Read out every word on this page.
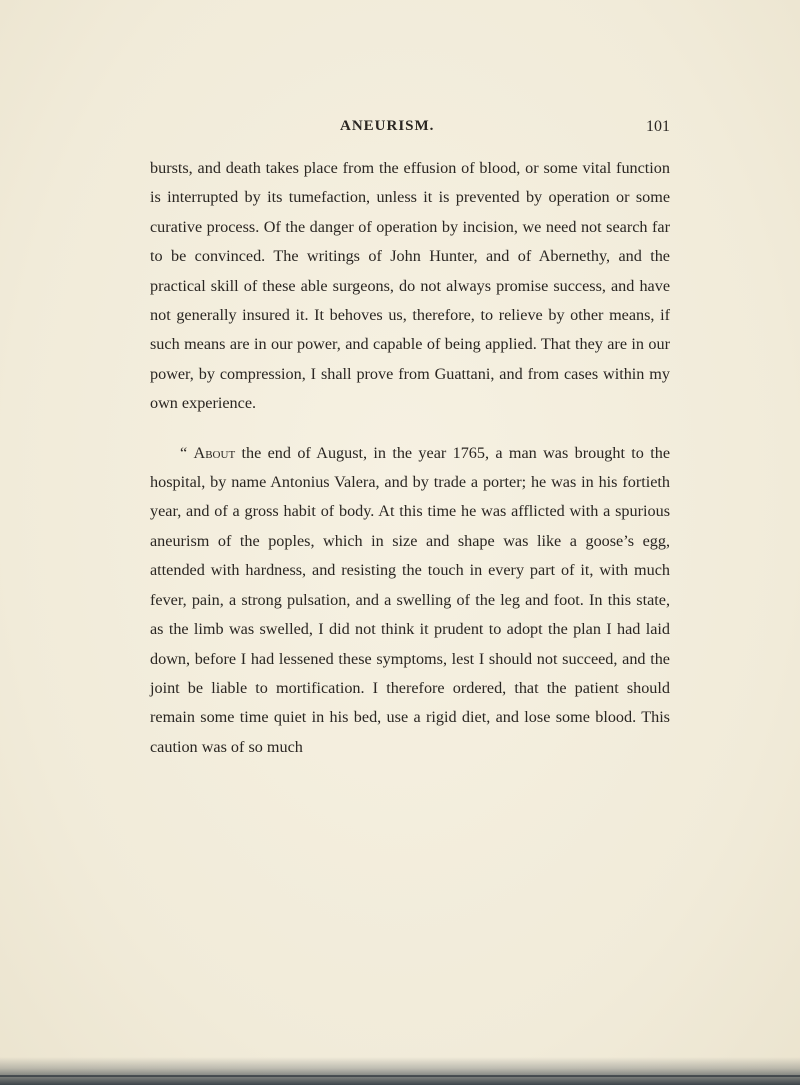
ANEURISM.	101

bursts, and death takes place from the effusion of blood, or some vital function is interrupted by its tumefaction, unless it is prevented by operation or some curative process. Of the danger of operation by incision, we need not search far to be convinced. The writings of John Hunter, and of Abernethy, and the practical skill of these able surgeons, do not always promise success, and have not generally insured it. It behoves us, therefore, to relieve by other means, if such means are in our power, and capable of being applied. That they are in our power, by compression, I shall prove from Guattani, and from cases within my own experience.

“ About the end of August, in the year 1765, a man was brought to the hospital, by name Antonius Valera, and by trade a porter; he was in his fortieth year, and of a gross habit of body. At this time he was afflicted with a spurious aneurism of the poples, which in size and shape was like a goose’s egg, attended with hardness, and resisting the touch in every part of it, with much fever, pain, a strong pulsation, and a swelling of the leg and foot. In this state, as the limb was swelled, I did not think it prudent to adopt the plan I had laid down, before I had lessened these symptoms, lest I should not succeed, and the joint be liable to mortification. I therefore ordered, that the patient should remain some time quiet in his bed, use a rigid diet, and lose some blood. This caution was of so much
